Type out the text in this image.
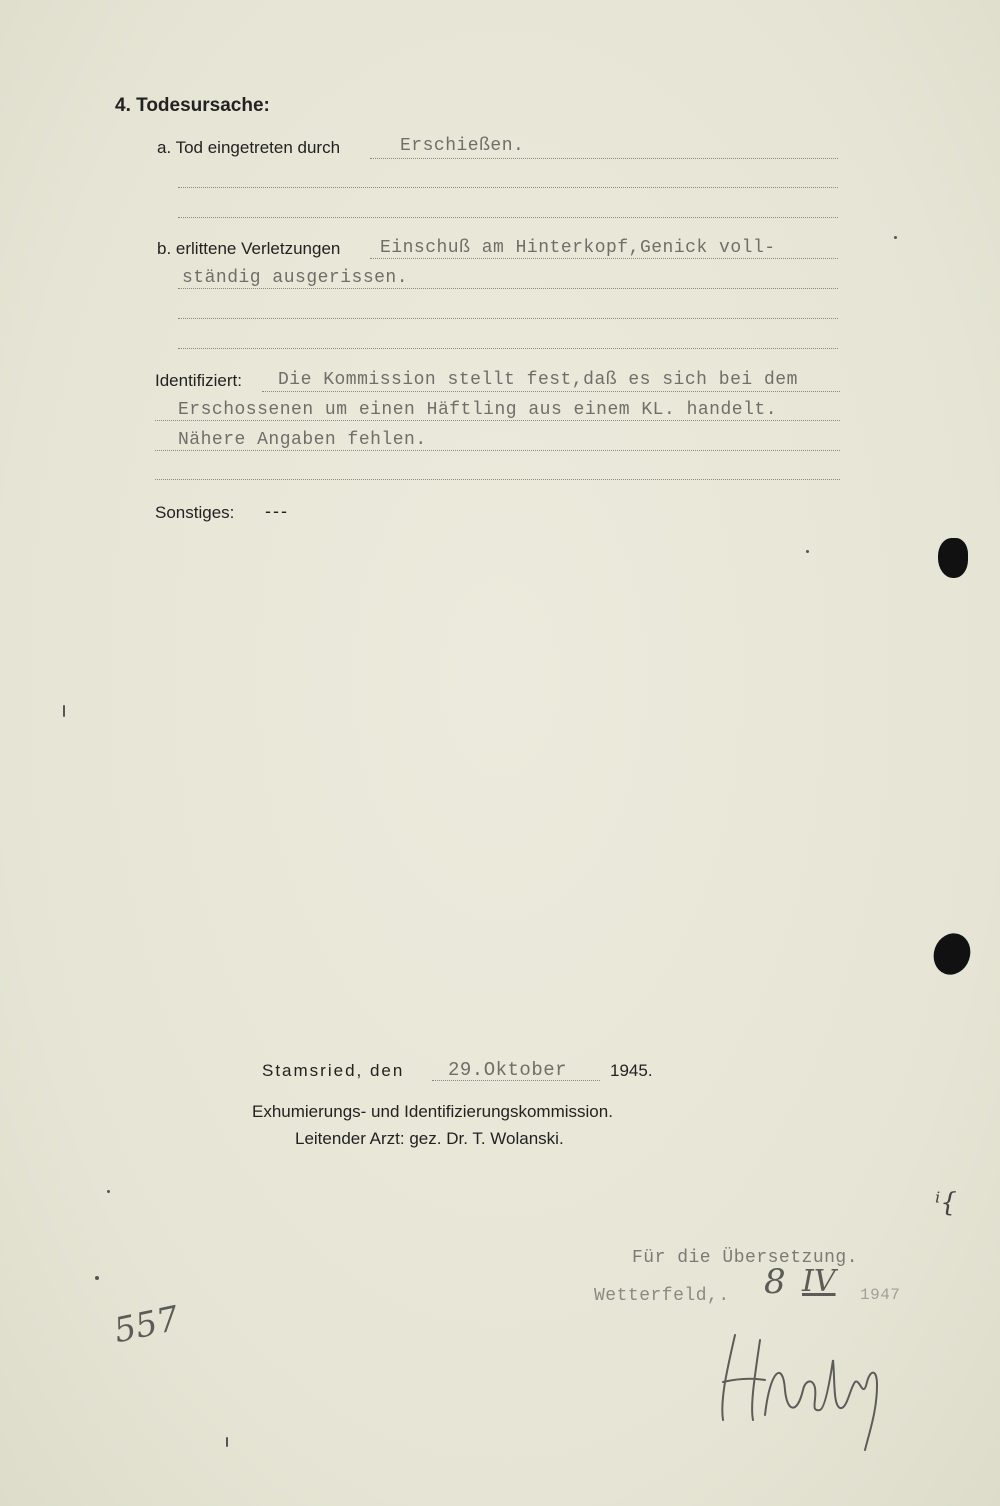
4. Todesursache:
a. Tod eingetreten durch	Erschießen.
b. erlittene Verletzungen Einschuß am Hinterkopf,Genick voll-
ständig ausgerissen.
Identifiziert: Die Kommission stellt fest,daß es sich bei dem
Erschossenen um einen Häftling aus einem KL. handelt.
Nähere Angaben fehlen.
Sonstiges: ---
Stamsried, den 29.Oktober	1945.
Exhumierungs- und Identifizierungskommission.
Leitender Arzt: gez. Dr. T. Wolanski.
Für die Übersetzung.
Wetterfeld,. 8 IV 1947
557
ⁱ{
